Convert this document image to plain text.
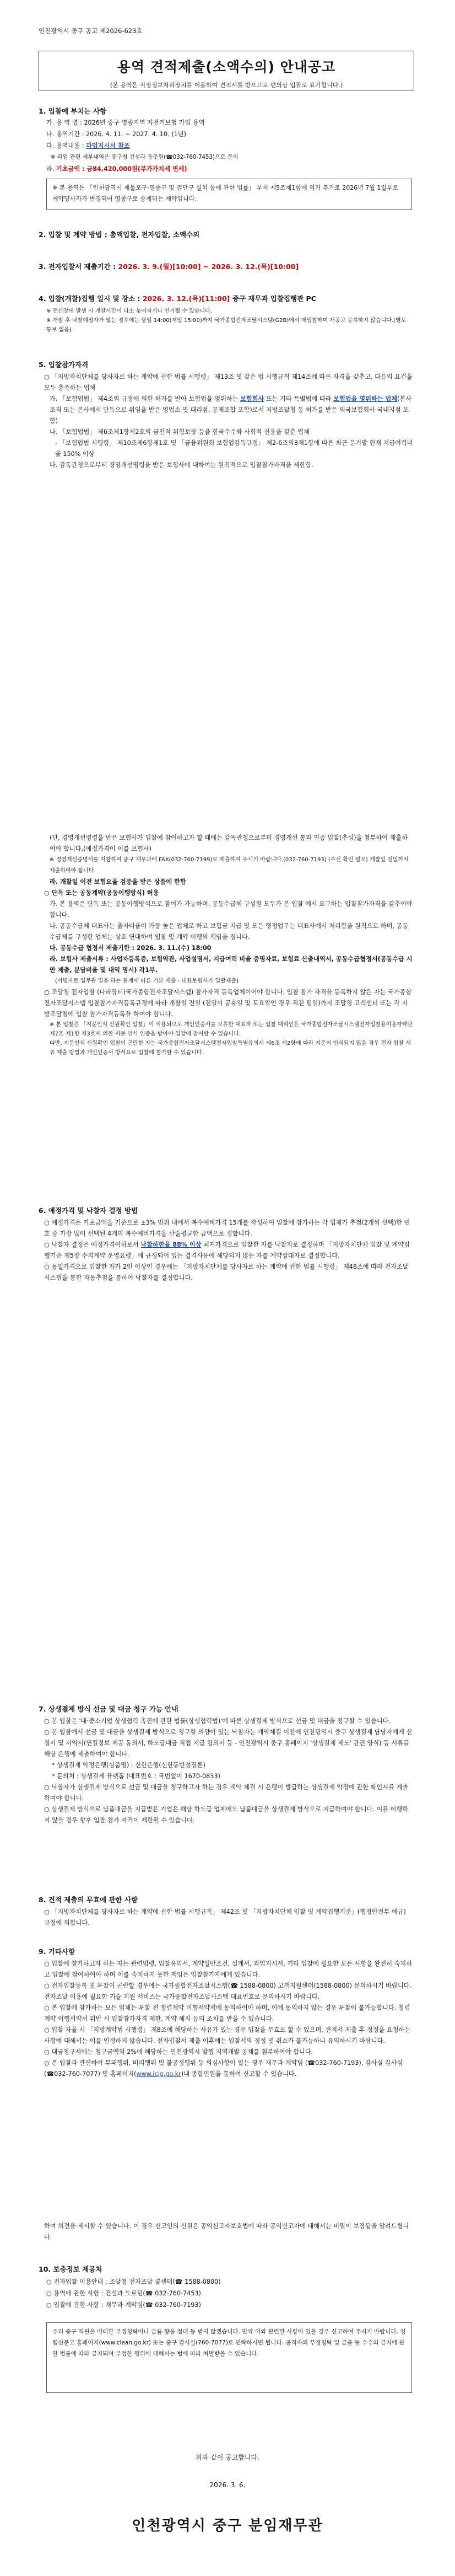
인천광역시 중구 공고 제2026-623호
용역 견적제출(소액수의) 안내공고
(본 용역은 지정정보처리장치를 이용하여 견적서를 받으므로 편의상 입찰로 표기합니다.)
1. 입찰에 부치는 사항
가. 용 역 명 : 2026년 중구 영종지역 자전거보험 가입 용역
나. 용역기간 : 2026. 4. 11. ~ 2027. 4. 10. (1년)
다. 용역내용 : 과업지시서 참조
※ 과업 관련 세부내역은 중구청 건설과 동주원(☎032-760-7453)으로 문의
라. 기초금액 : 금84,420,000원(부가가치세 면세)
※ 본 용역은 「인천광역시 제물포구·영종구 및 검단구 설치 등에 관한 법률」 부칙 제5조제1항에 의거 추가로 2026년 7월 1일부로 계약당사자가 변경되어 영종구로 승계되는 계약입니다.
2. 입찰 및 계약 방법 : 총액입찰, 전자입찰, 소액수의
3. 전자입찰서 제출기간 : 2026. 3. 9.(월)[10:00] ~ 2026. 3. 12.(목)[10:00]
4. 입찰(개찰)집행 일시 및 장소 : 2026. 3. 12.(목)[11:00] 중구 재무과 입찰집행관 PC
※ 전산장애 발생 시 개찰시간이 다소 늦어지거나 연기될 수 있습니다.
※ 개찰 후 낙찰예정자가 없는 경우에는 당일 14:00(재입 15:00)까지 국가종합전자조달시스템(G2B)에서 재입찰하며 재공고 공지하지 않습니다.(별도 통보 없음)
5. 입찰참가자격
○ 「지방자치단체를 당사자로 하는 계약에 관한 법률 시행령」 제13조 및 같은 법 시행규칙 제14조에 따른 자격을 갖추고, 다음의 요건을 모두 충족하는 업체
가. 「보험업법」 제4조의 규정에 의한 허가를 받아 보험업을 영위하는 보험회사 또는 기타 특별법에 따라 보험업을 영위하는 업체(본사조직 또는 본사에서 단독으로 위임을 받은 영업소 및 대리점, 공제조합 포함)로서 지방조달청 등 허가를 받은 외국보험회사 국내지점 포함)
나. 「보험업법」 제6조제1항제2호의 금전적 위험보장 등을 한국수수와 사회적 신용을 갖춘 업체
- 「보험업법 시행령」 제10조제6항제1호 및 「금융위원회 보험업감독규정」 제2-6조의3제1항에 따른 최근 분기말 현재 지급여력비율 150% 이상
다. 감독관청으로부터 경영개선명령을 받은 보험사에 대하여는 원칙적으로 입찰참가자격을 제한함.
(단, 경영개선명령을 받은 보험사가 입찰에 참여하고자 할 때에는 감독관청으로부터 경영개선 통과 인증 입찰(추심)을 첨부하여 제출하여야 합니다.(예정가격이 이를 보험사)
※ 경영개선증명서를 지참하여 중구 재무과에 FAX(032-760-7199)로 제출하여 주시기 바랍니다.(032-760-7193) (수신 확인 필요) 개찰일 전일까지 제출하여야 합니다.
라. 개찰일 이전 보험요율 검증을 받은 상품에 한함
○ 단독 또는 공동계약(공동이행방식) 허용
가. 본 용역은 단독 또는 공동이행방식으로 참여가 가능하며, 공동수급체 구성원 모두가 본 입찰 에서 요구하는 입찰참가자격을 갖추어야 합니다.
나. 공동수급체 대표사는 출자비율이 가장 높은 업체로 하고 보험금 지급 및 모든 행정업무는 대표사에서 처리함을 원칙으로 하며, 공동수급체를 구성한 업체는 상호 연대하여 입찰 및 계약 이행의 책임을 집니다.
다. 공동수급 협정서 제출기한 : 2026. 3. 11.(수) 18:00
라. 보험사 제출서류 : 사업자등록증, 보험약관, 사업설명서, 지급여력 비율 증명자료, 보험료 산출내역서, 공동수급협정서(공동수급 시만 제출, 분담비율 및 내역 명시) 각1부.
(서명자로 업무관 일을 하는 관계에 따른 기본 제출 - 대표보험사가 일괄제출)
○ 조달청 전자입찰 (나라장터)국가종합전자조달시스템) 참가자격 등록업체이어야 합니다. 입찰 참가 자격을 등록하지 않은 자는 국가종합전자조달시스템 입찰참가자격등록규정에 따라 개찰일 전일 (전일이 공휴일 및 토요일인 경우 직전 평일)까지 조달청 고객센터 또는 각 지방조달청에 입찰 참가자격등록을 하여야 합니다.
※ 본 입찰은 「지문인식 신원확인 입찰」이 적용되므로 개인인증서를 보유한 대표자 또는 입찰 대리인은 국가종합전자조달시스템전자입찰용이용자약관 제7조 제1항 제3호에 의한 지문 인식 인증을 받아야 입찰에 참여할 수 있습니다.
다만, 지문인식 신원확인 입찰이 곤란한 자는 국가종합전자조달시스템전자입찰특별유의서 제6조 제2항에 따라 지문이 인식되지 않을 경우 전자 입찰 서류 제출 방법과 개인인증서 방식으로 입찰에 참가할 수 있습니다.
6. 예정가격 및 낙찰자 결정 방법
○ 예정가격은 기초금액을 기준으로 ±3% 범위 내에서 복수예비가격 15개를 작성하여 입찰에 참가하는 각 업체가 추첨(2개씩 선택)한 번호 중 가장 많이 선택된 4개의 복수예비가격을 산술평균한 금액으로 정합니다.
○ 낙찰자 결정은 예정가격이하로서 낙찰하한율 88% 이상 최저가격으로 입찰한 자를 낙찰자로 결정하며 「지방자치단체 입찰 및 계약집행기준 제5장 수의계약 운영요령」에 규정되어 있는 결격사유에 해당되지 않는 자를 계약상대자로 결정합니다.
○ 동일가격으로 입찰한 자가 2인 이상인 경우에는 「지방자치단체를 당사자로 하는 계약에 관한 법률 시행령」 제48조에 따라 전자조달시스템을 통한 자동추첨을 통하여 낙찰자를 결정합니다.
7. 상생결제 방식 선금 및 대금 청구 가능 안내
○ 본 입찰은 '대·중소기업 상생협력 촉진에 관한 법률(상생협력법)'에 따른 상생결제 방식으로 선금 및 대금을 청구할 수 있습니다.
○ 본 입찰에서 선금 및 대금을 상생결제 방식으로 청구할 의향이 있는 낙찰자는 계약체결 이전에 인천광역시 중구 상생결제 담당자에게 신청서 및 서약서(연결정보 제공 동의서, 하도급대금 직접 지급 합의서 등 - 인천광역시 중구 홈페이지 '상생결제 제도' 관련 양식) 등 서류를 해당 은행에 제출하여야 합니다.
* 상생결제 약정은행(상품명) : 신한은행(신한동반성장론)
* 문의처 : 상생결제 플랫폼 (대표번호 : 국번없이 1670-0833)
○ 낙찰자가 상생결제 방식으로 선금 및 대금을 청구하고자 하는 경우 계약 체결 시 은행이 발급하는 상생결제 약정에 관한 확인서를 제출하여야 합니다.
○ 상생결제 방식으로 납품대금을 지급받은 기업은 해당 하도급 업체에도 납품대금을 상생결제 방식으로 지급하여야 합니다. 이를 이행하지 않을 경우 향후 입찰 참가 자격이 제한될 수 있습니다.
8. 견적 제출의 무효에 관한 사항
○ 「지방자치단체를 당사자로 하는 계약에 관한 법률 시행규칙」 제42조 및 「지방자치단체 입찰 및 계약집행기준」(행정안전부 예규) 규정에 의합니다.
9. 기타사항
○ 입찰에 참가하고자 하는 자는 관련법령, 입찰유의서, 계약일반조건, 설계서, 과업지시서, 기타 입찰에 필요한 모든 사항을 완전히 숙지하고 입찰에 참여하여야 하며 이를 숙지하지 못한 책임은 입찰참가자에게 있습니다.
○ 전자입찰등록 및 투찰이 곤란할 경우에는 국가종합전자조달시스템(☎ 1588-0800) 고객지원센터(1588-0800) 문의하시기 바랍니다. 전자조달 이용에 필요한 기술 지원 서비스는 국가종합전자조달시스템 대표번호로 문의하시기 바랍니다.
○ 본 입찰에 참가하는 모든 업체는 투찰 전 청렴계약 이행서약서에 동의하여야 하며, 이에 동의하지 않는 경우 투찰이 불가능합니다. 청렴계약 이행서약서 위반 시 입찰참가자격 제한, 계약 해지 등의 조치를 받을 수 있습니다.
○ 입찰 자율 시 「지방계약법 시행령」 제8조에 해당하는 사유가 있는 경우 입찰을 무효로 할 수 있으며, 견적서 제출 후 정정을 요청하는 사항에 대해서는 이를 인정하지 않습니다. 전자입찰서 제출 이후에는 입찰서의 정정 및 취소가 불가능하니 유의하시기 바랍니다.
○ 대금청구서에는 청구금액의 2%에 해당하는 인천광역시 발행 지역개발 공채를 첨부하여야 합니다.
○ 본 입찰과 관련하여 부패행위, 비리행위 및 불공정행위 등 의심사항이 있는 경우 재무과 계약팀 (☎032-760-7193), 감사실 감사팀(☎032-760-7077) 및 홈페이지(www.icjg.go.kr)내 종합민원을 통하여 신고할 수 있습니다.
하여 의견을 제시할 수 있습니다. 이 경우 신고인의 신원은 공익신고자보호법에 따라 공익신고자에 대해서는 비밀이 보장됨을 알려드립니다.
10. 보충정보 제공처
○ 전자입찰 이용안내 : 조달청 전자조달 콜센터(☎ 1588-0800)
○ 용역에 관한 사항 : 건설과 도로팀(☎ 032-760-7453)
○ 입찰에 관한 사항 : 재무과 계약팀(☎ 032-760-7193)
우리 중구 직원은 어떠한 부정청탁이나 금품 향응 접대 등 받지 않겠습니다. 만약 이와 관련한 사항이 있을 경우 신고하여 주시기 바랍니다. 청렴신문고 홈페이지(www.clean.go.kr) 또는 중구 감사실(760-7077)로 연락하시면 됩니다. 공직자의 부정청탁 및 금품 등 수수의 금지에 관한 법률에 따라 금지되며 부정한 행위에 대해서는 법에 따라 처벌받을 수 있습니다.
위와 같이 공고합니다.
2026. 3. 6.
인천광역시 중구 분임재무관
